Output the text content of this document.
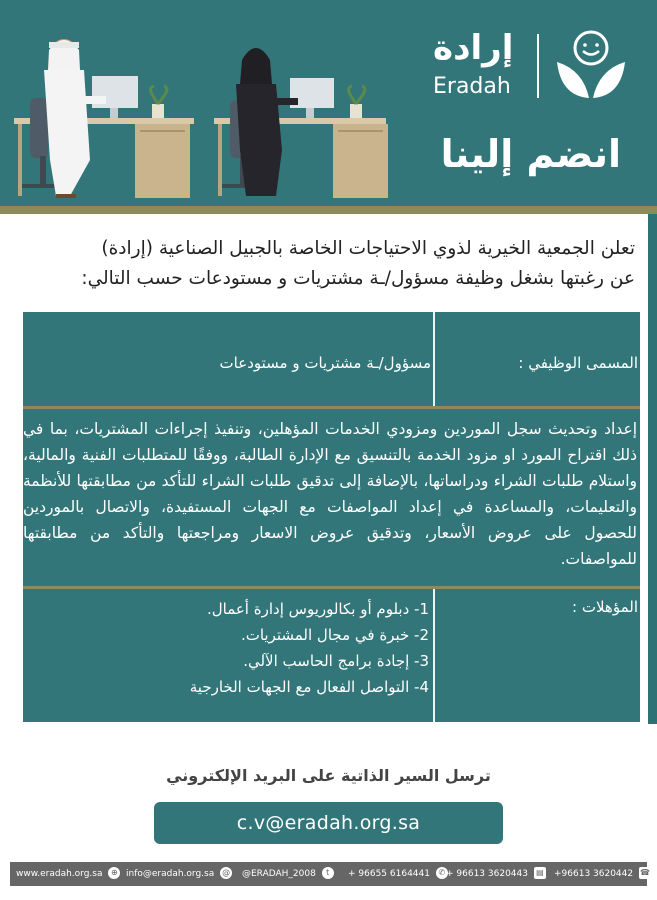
إرادة
Eradah
انضم إلينا
تعلن الجمعية الخيرية لذوي الاحتياجات الخاصة بالجبيل الصناعية (إرادة)
عن رغبتها بشغل وظيفة مسؤول/ـة مشتريات و مستودعات حسب التالي:
المسمى الوظيفي :
مسؤول/ـة مشتريات و مستودعات
إعداد وتحديث سجل الموردين ومزودي الخدمات المؤهلين، وتنفيذ إجراءات المشتريات، بما في ذلك اقتراح المورد او مزود الخدمة بالتنسيق مع الإدارة الطالبة، ووفقًا للمتطلبات الفنية والمالية، واستلام طلبات الشراء ودراساتها، بالإضافة إلى تدقيق طلبات الشراء للتأكد من مطابقتها للأنظمة والتعليمات، والمساعدة في إعداد المواصفات مع الجهات المستفيدة، والاتصال بالموردين للحصول على عروض الأسعار، وتدقيق عروض الاسعار ومراجعتها والتأكد من مطابقتها للمواصفات.
المؤهلات :
1- دبلوم أو بكالوريوس إدارة أعمال.
2- خبرة في مجال المشتريات.
3- إجادة برامج الحاسب الآلي.
4- التواصل الفعال مع الجهات الخارجية
ترسل السير الذاتية على البريد الإلكتروني
c.v@eradah.org.sa
www.eradah.org.sa ⊕ info@eradah.org.sa @ @ERADAH_2008 t	+ 96655 6164441 ✆ + 96613 3620443 ▤ +96613 3620442 ☎
